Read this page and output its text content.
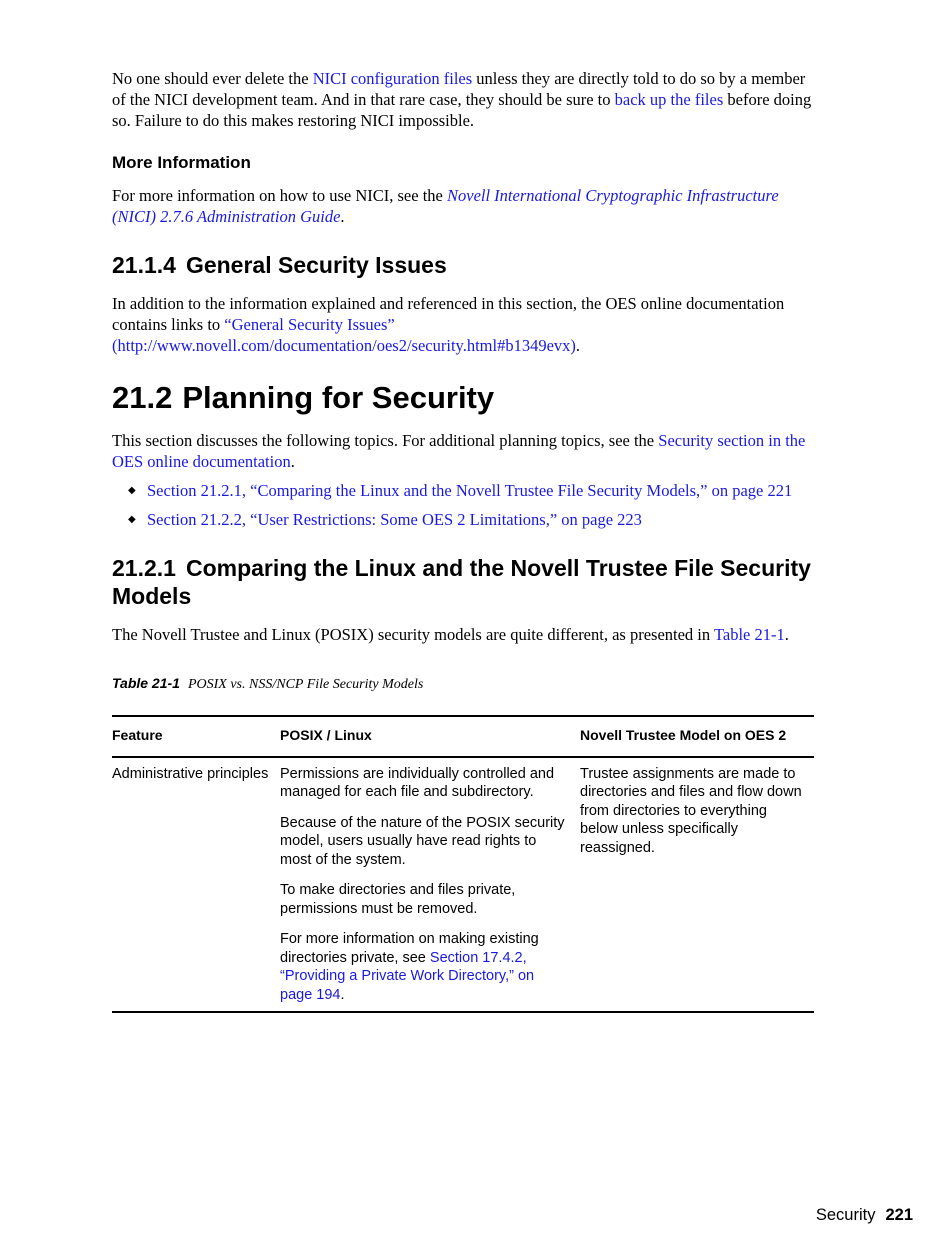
No one should ever delete the NICI configuration files unless they are directly told to do so by a member of the NICI development team. And in that rare case, they should be sure to back up the files before doing so. Failure to do this makes restoring NICI impossible.

More Information

For more information on how to use NICI, see the Novell International Cryptographic Infrastructure (NICI) 2.7.6 Administration Guide.

21.1.4 General Security Issues

In addition to the information explained and referenced in this section, the OES online documentation contains links to “General Security Issues” (http://www.novell.com/documentation/oes2/security.html#b1349evx).

21.2 Planning for Security

This section discusses the following topics. For additional planning topics, see the Security section in the OES online documentation.

◆ Section 21.2.1, “Comparing the Linux and the Novell Trustee File Security Models,” on page 221
◆ Section 21.2.2, “User Restrictions: Some OES 2 Limitations,” on page 223
21.2.1 Comparing the Linux and the Novell Trustee File Security Models

The Novell Trustee and Linux (POSIX) security models are quite different, as presented in Table 21-1.

Table 21-1 POSIX vs. NSS/NCP File Security Models
Feature	POSIX / Linux	Novell Trustee Model on OES 2
Administrative principles	Permissions are individually controlled and managed for each file and subdirectory.

Because of the nature of the POSIX security model, users usually have read rights to most of the system.

To make directories and files private, permissions must be removed.

For more information on making existing directories private, see Section 17.4.2, “Providing a Private Work Directory,” on page 194.	Trustee assignments are made to directories and files and flow down from directories to everything below unless specifically reassigned.
Security 221
